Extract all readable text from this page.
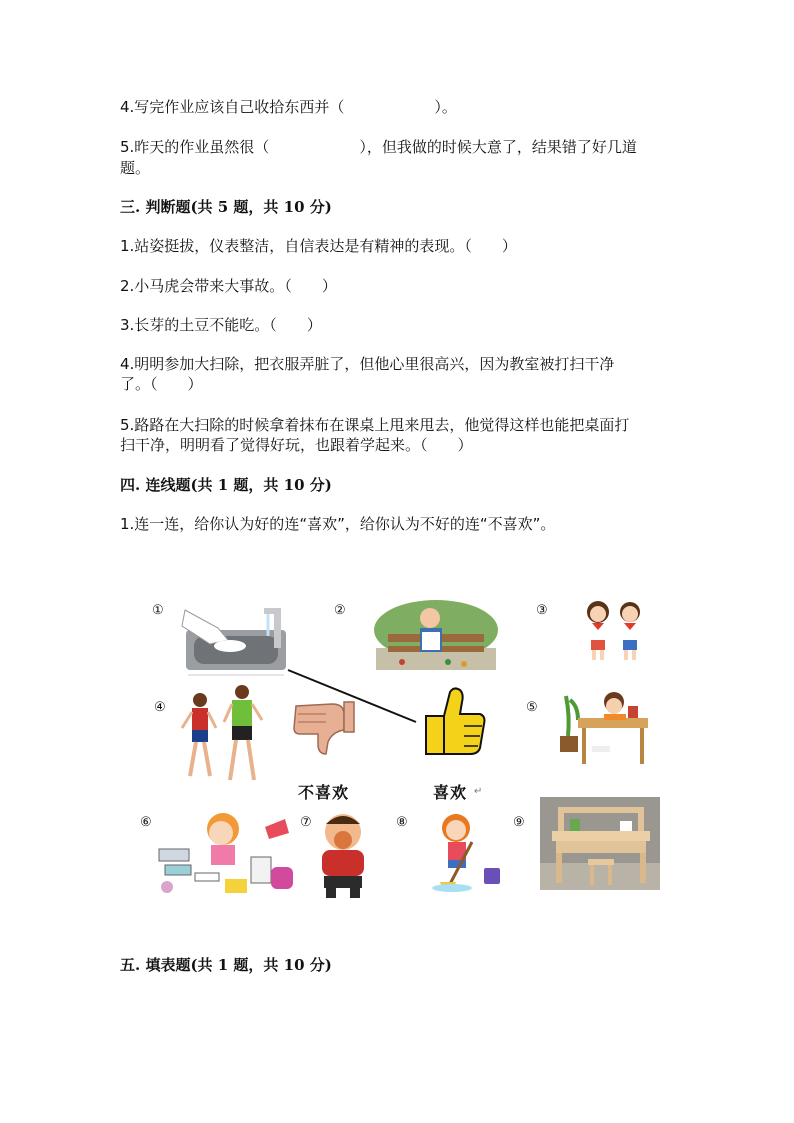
4.写完作业应该自己收拾东西并（　　　　　　）。
5.昨天的作业虽然很（　　　　　　），但我做的时候大意了，结果错了好几道
题。
三. 判断题(共 5 题，共 10 分)
1.站姿挺拔，仪表整洁，自信表达是有精神的表现。（　　）
2.小马虎会带来大事故。（　　）
3.长芽的土豆不能吃。（　　）
4.明明参加大扫除，把衣服弄脏了，但他心里很高兴，因为教室被打扫干净
了。（　　）
5.路路在大扫除的时候拿着抹布在课桌上甩来甩去，他觉得这样也能把桌面打
扫干净，明明看了觉得好玩，也跟着学起来。（　　）
四. 连线题(共 1 题，共 10 分)
1.连一连，给你认为好的连“喜欢”，给你认为不好的连“不喜欢”。
①	②	③
④	⑤
⑥	⑦	⑧	⑨
不喜欢	喜欢 ↵
五. 填表题(共 1 题，共 10 分)
